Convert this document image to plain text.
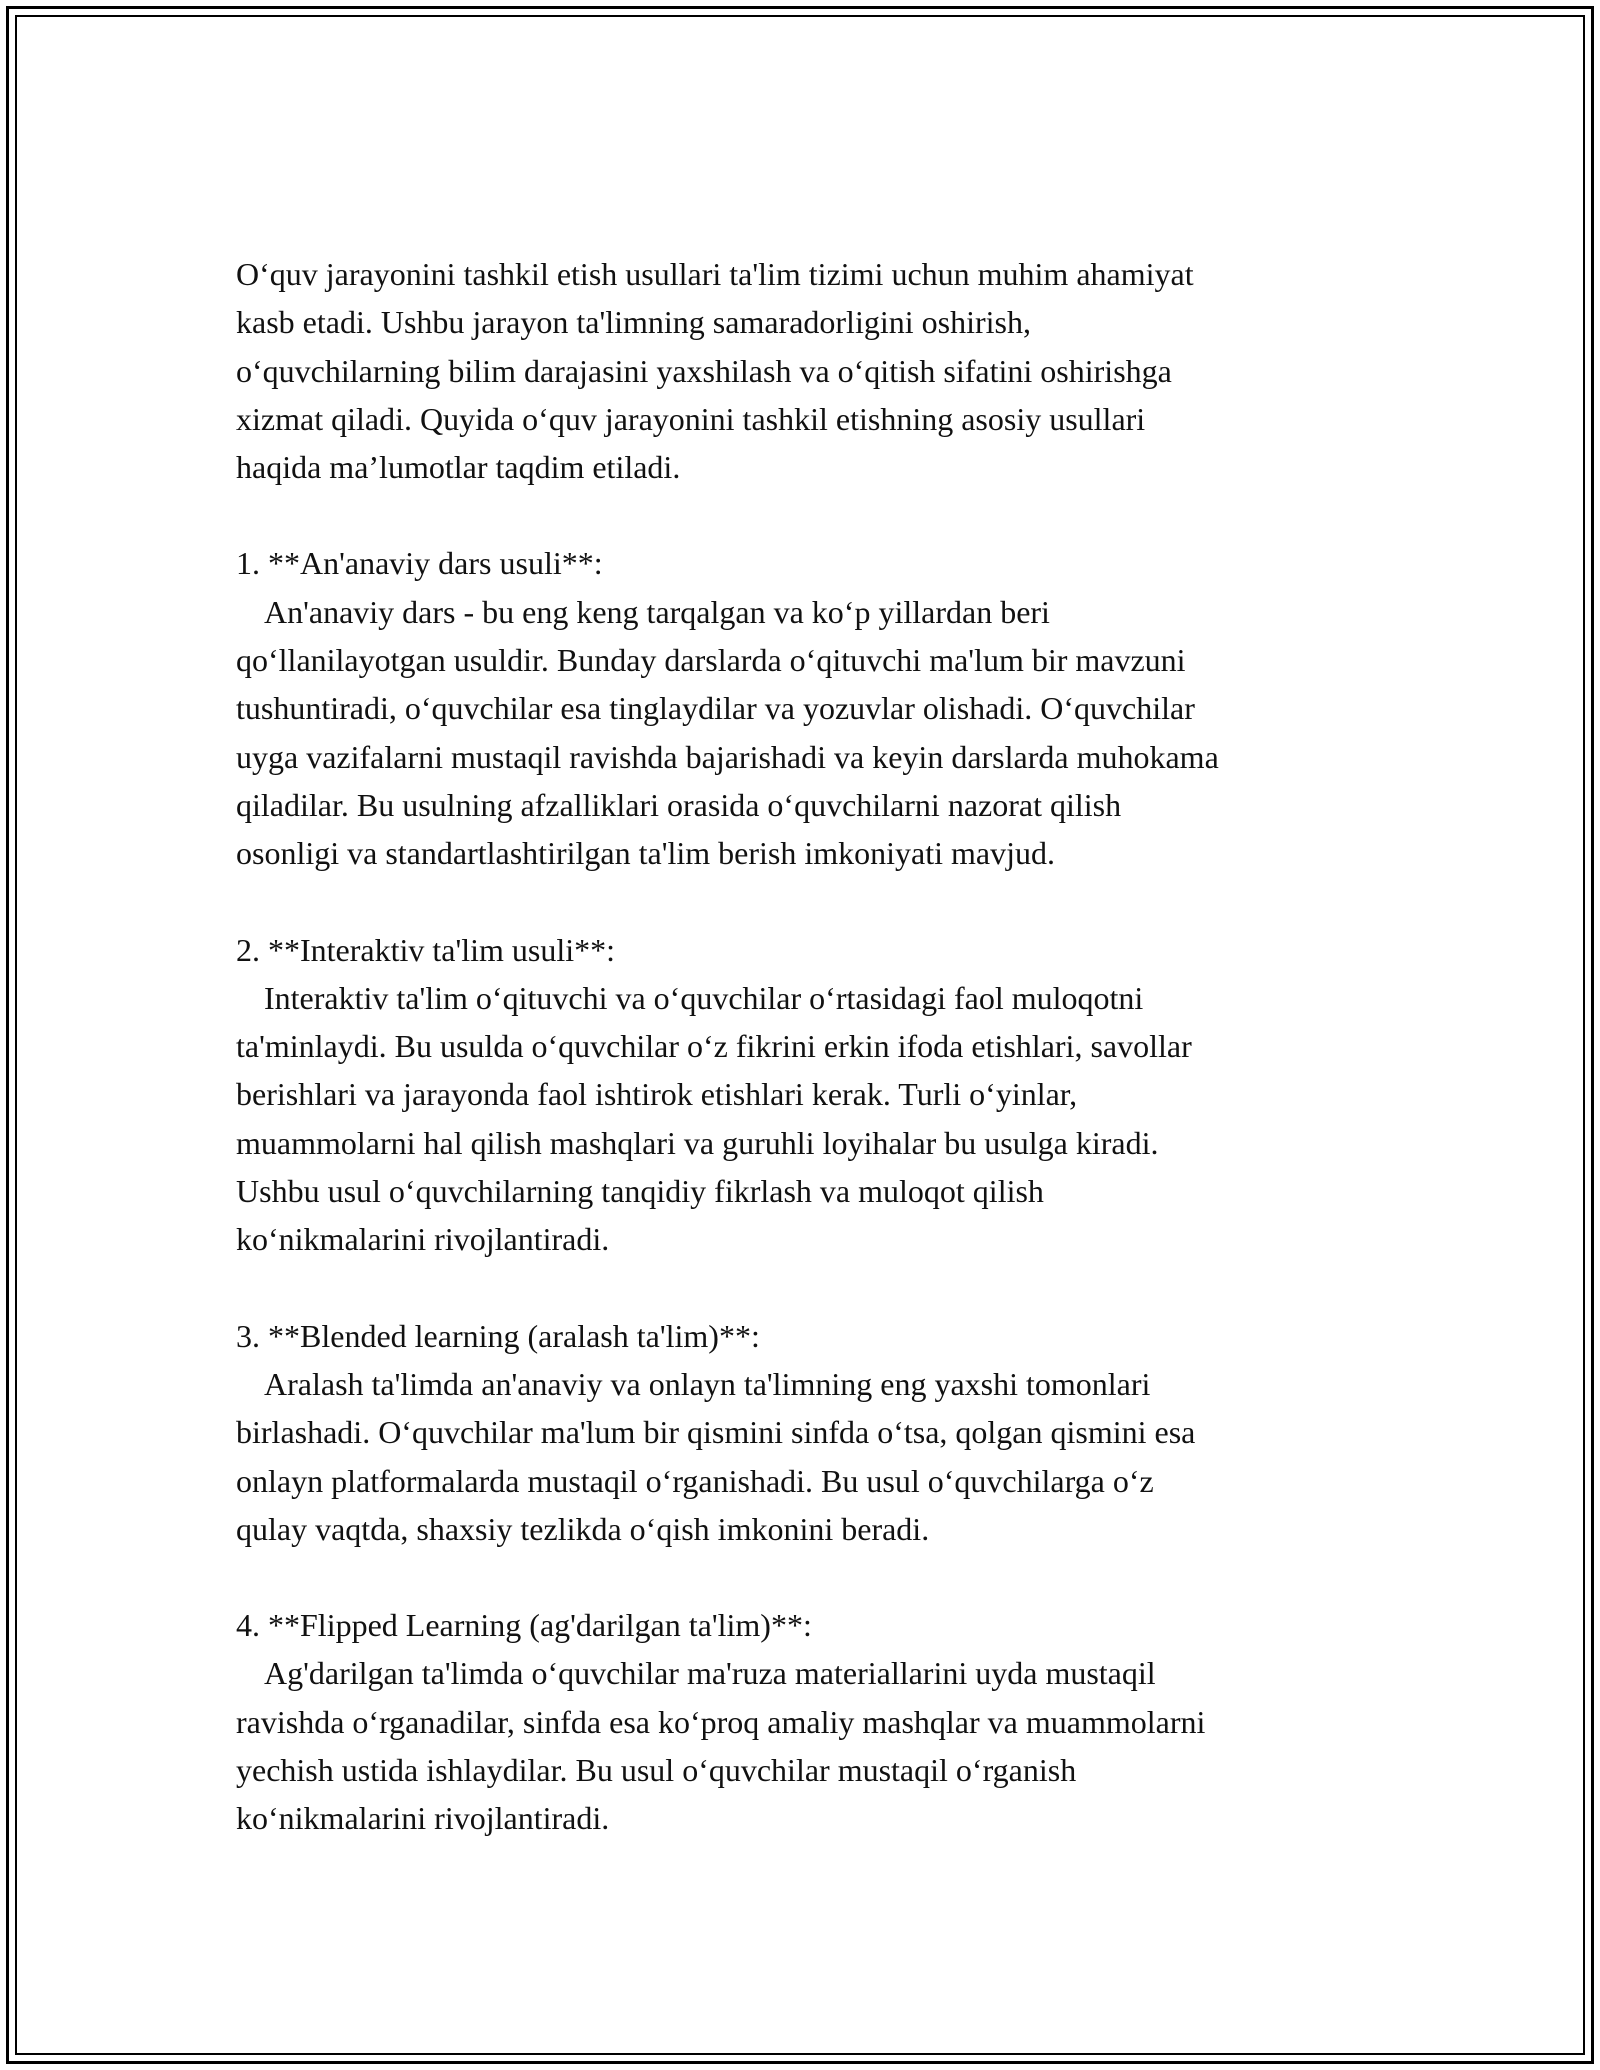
O‘quv jarayonini tashkil etish usullari ta'lim tizimi uchun muhim ahamiyat
kasb etadi. Ushbu jarayon ta'limning samaradorligini oshirish,
o‘quvchilarning bilim darajasini yaxshilash va o‘qitish sifatini oshirishga
xizmat qiladi. Quyida o‘quv jarayonini tashkil etishning asosiy usullari
haqida ma’lumotlar taqdim etiladi.

1. **An'anaviy dars usuli**:

An'anaviy dars - bu eng keng tarqalgan va ko‘p yillardan beri
qo‘llanilayotgan usuldir. Bunday darslarda o‘qituvchi ma'lum bir mavzuni
tushuntiradi, o‘quvchilar esa tinglaydilar va yozuvlar olishadi. O‘quvchilar
uyga vazifalarni mustaqil ravishda bajarishadi va keyin darslarda muhokama
qiladilar. Bu usulning afzalliklari orasida o‘quvchilarni nazorat qilish
osonligi va standartlashtirilgan ta'lim berish imkoniyati mavjud.

2. **Interaktiv ta'lim usuli**:

Interaktiv ta'lim o‘qituvchi va o‘quvchilar o‘rtasidagi faol muloqotni
ta'minlaydi. Bu usulda o‘quvchilar o‘z fikrini erkin ifoda etishlari, savollar
berishlari va jarayonda faol ishtirok etishlari kerak. Turli o‘yinlar,
muammolarni hal qilish mashqlari va guruhli loyihalar bu usulga kiradi.
Ushbu usul o‘quvchilarning tanqidiy fikrlash va muloqot qilish
ko‘nikmalarini rivojlantiradi.

3. **Blended learning (aralash ta'lim)**:

Aralash ta'limda an'anaviy va onlayn ta'limning eng yaxshi tomonlari
birlashadi. O‘quvchilar ma'lum bir qismini sinfda o‘tsa, qolgan qismini esa
onlayn platformalarda mustaqil o‘rganishadi. Bu usul o‘quvchilarga o‘z
qulay vaqtda, shaxsiy tezlikda o‘qish imkonini beradi.

4. **Flipped Learning (ag'darilgan ta'lim)**:

Ag'darilgan ta'limda o‘quvchilar ma'ruza materiallarini uyda mustaqil
ravishda o‘rganadilar, sinfda esa ko‘proq amaliy mashqlar va muammolarni
yechish ustida ishlaydilar. Bu usul o‘quvchilar mustaqil o‘rganish
ko‘nikmalarini rivojlantiradi.
